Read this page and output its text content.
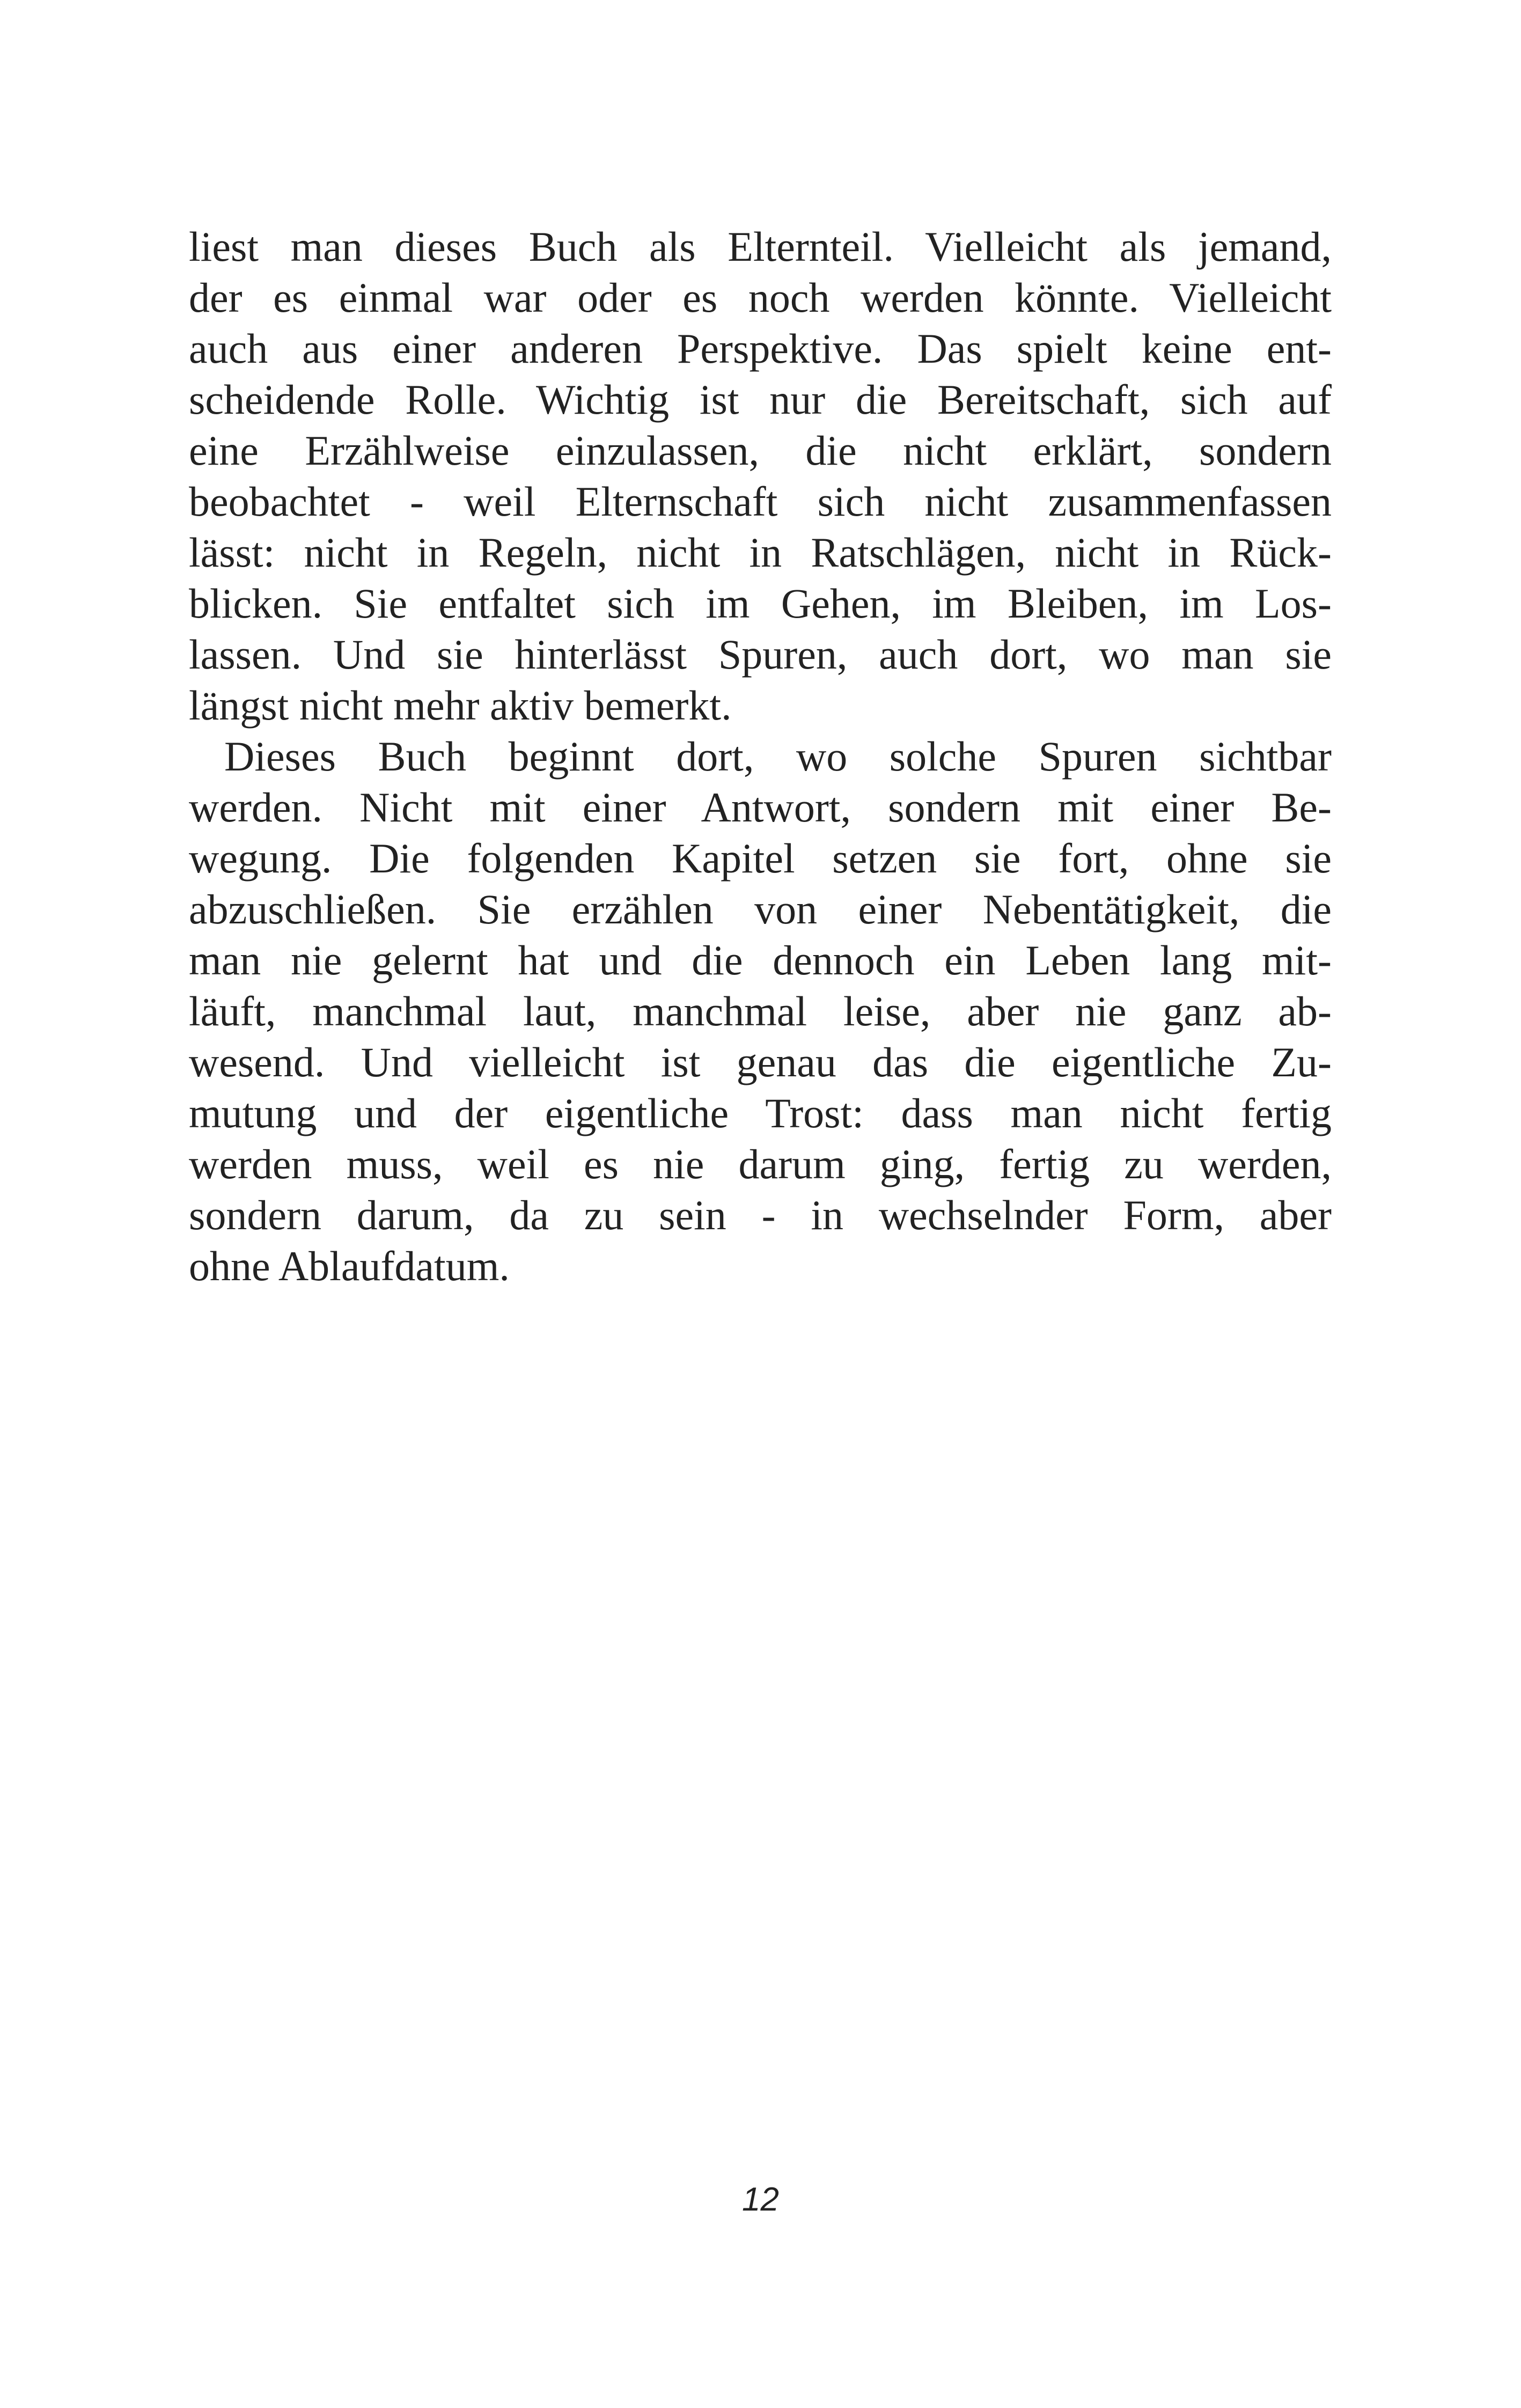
liest man dieses Buch als Elternteil. Vielleicht als jemand,
der es einmal war oder es noch werden könnte. Vielleicht
auch aus einer anderen Perspektive. Das spielt keine ent-
scheidende Rolle. Wichtig ist nur die Bereitschaft, sich auf
eine Erzählweise einzulassen, die nicht erklärt, sondern
beobachtet - weil Elternschaft sich nicht zusammenfassen
lässt: nicht in Regeln, nicht in Ratschlägen, nicht in Rück-
blicken. Sie entfaltet sich im Gehen, im Bleiben, im Los-
lassen. Und sie hinterlässt Spuren, auch dort, wo man sie
längst nicht mehr aktiv bemerkt.
Dieses Buch beginnt dort, wo solche Spuren sichtbar
werden. Nicht mit einer Antwort, sondern mit einer Be-
wegung. Die folgenden Kapitel setzen sie fort, ohne sie
abzuschließen. Sie erzählen von einer Nebentätigkeit, die
man nie gelernt hat und die dennoch ein Leben lang mit-
läuft, manchmal laut, manchmal leise, aber nie ganz ab-
wesend. Und vielleicht ist genau das die eigentliche Zu-
mutung und der eigentliche Trost: dass man nicht fertig
werden muss, weil es nie darum ging, fertig zu werden,
sondern darum, da zu sein - in wechselnder Form, aber
ohne Ablaufdatum.
12
